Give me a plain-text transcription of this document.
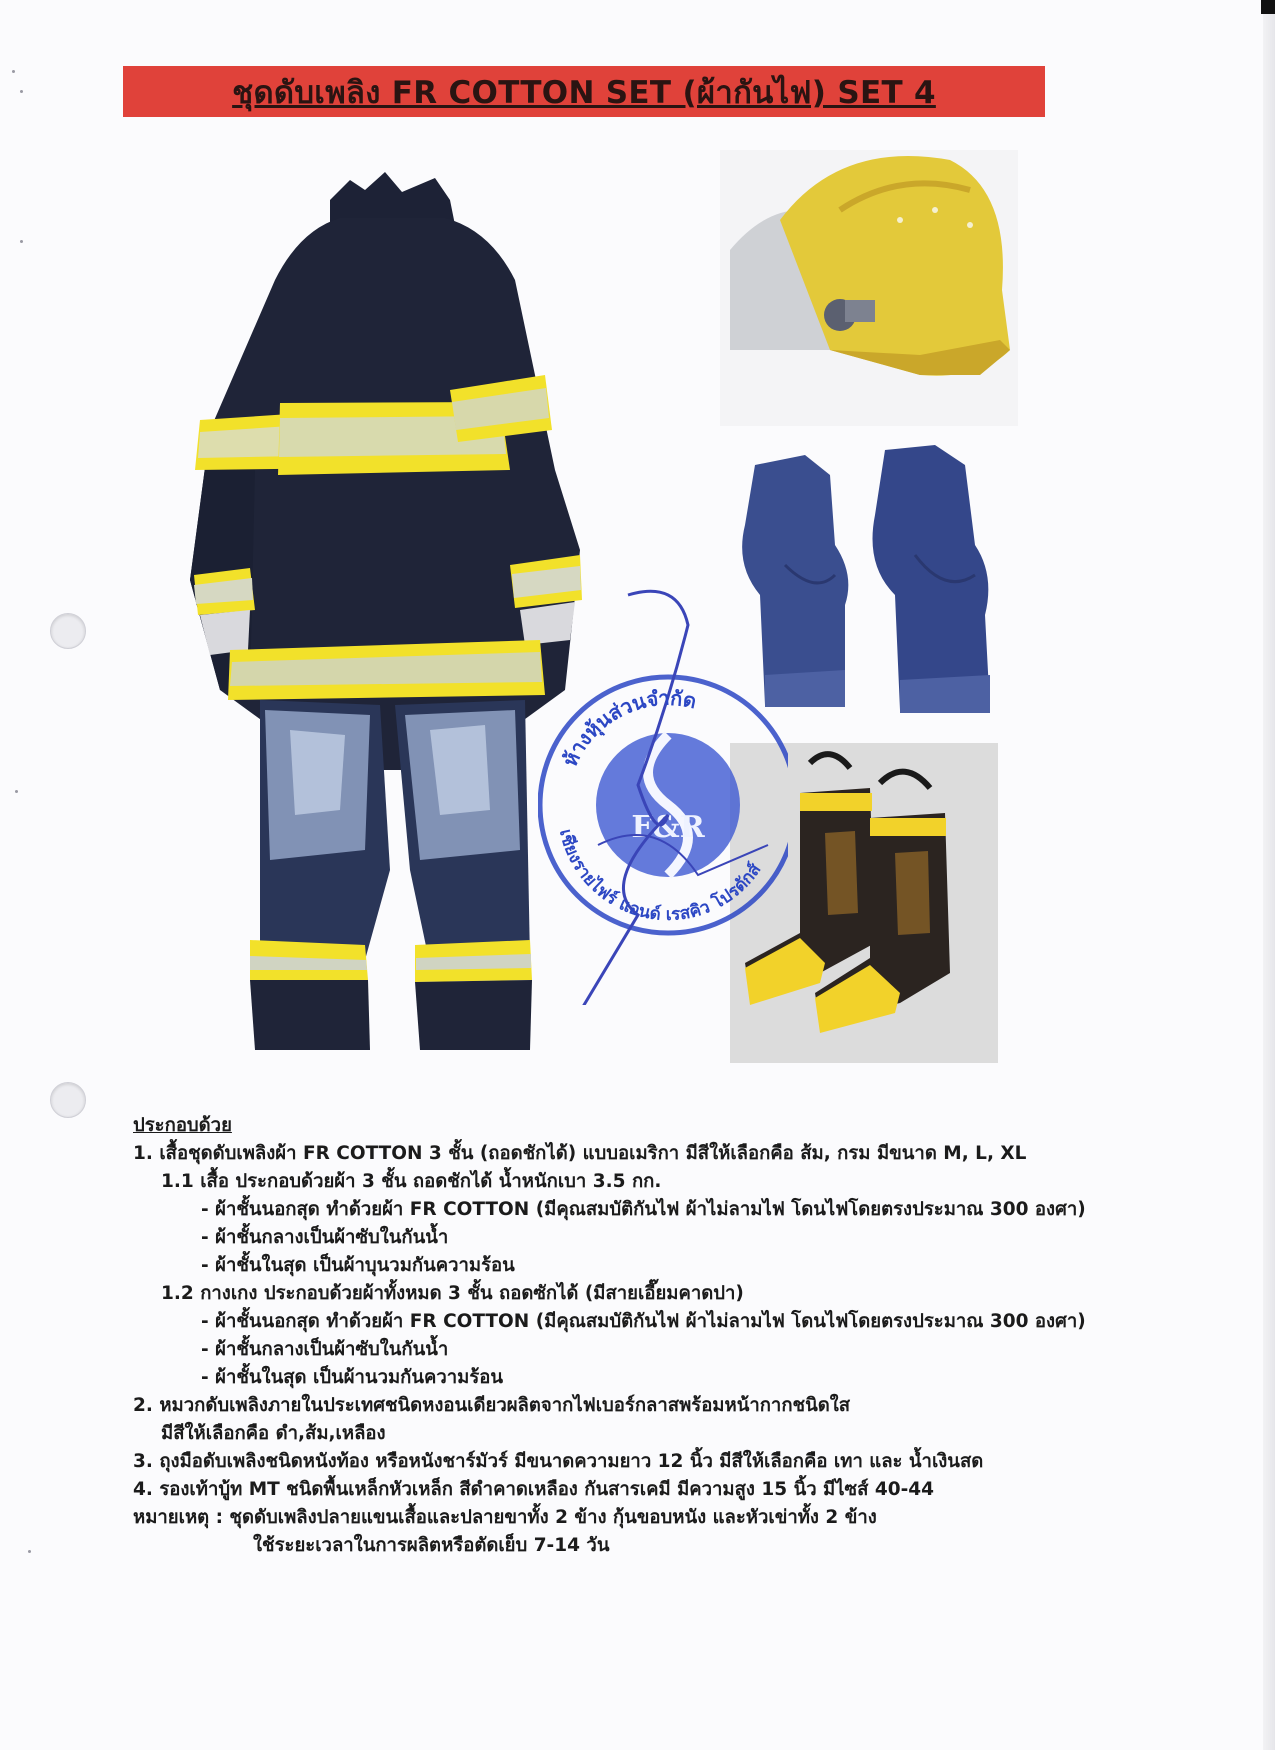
ชุดดับเพลิง FR COTTON SET (ผ้ากันไฟ) SET 4
F&R
ห้างหุ้นส่วนจำกัด
เชียงรายไฟร์ แอนด์ เรสคิว โปรดักส์
ประกอบด้วย
1. เสื้อชุดดับเพลิงผ้า FR COTTON 3 ชั้น (ถอดชักได้) แบบอเมริกา มีสีให้เลือกคือ ส้ม, กรม มีขนาด M, L, XL
1.1 เสื้อ ประกอบด้วยผ้า 3 ชั้น ถอดชักได้ น้ำหนักเบา 3.5 กก.
- ผ้าชั้นนอกสุด ทำด้วยผ้า FR COTTON (มีคุณสมบัติกันไฟ ผ้าไม่ลามไฟ โดนไฟโดยตรงประมาณ 300 องศา)
- ผ้าชั้นกลางเป็นผ้าซับในกันน้ำ
- ผ้าชั้นในสุด เป็นผ้าบุนวมกันความร้อน
1.2 กางเกง ประกอบด้วยผ้าทั้งหมด 3 ชั้น ถอดซักได้ (มีสายเอี๊ยมคาดปา)
- ผ้าชั้นนอกสุด ทำด้วยผ้า FR COTTON (มีคุณสมบัติกันไฟ ผ้าไม่ลามไฟ โดนไฟโดยตรงประมาณ 300 องศา)
- ผ้าชั้นกลางเป็นผ้าซับในกันน้ำ
- ผ้าชั้นในสุด เป็นผ้านวมกันความร้อน
2. หมวกดับเพลิงภายในประเทศชนิดหงอนเดียวผลิตจากไฟเบอร์กลาสพร้อมหน้ากากชนิดใส
มีสีให้เลือกคือ ดำ,ส้ม,เหลือง
3. ถุงมือดับเพลิงชนิดหนังท้อง หรือหนังชาร์มัวร์ มีขนาดความยาว 12 นิ้ว มีสีให้เลือกคือ เทา และ น้ำเงินสด
4. รองเท้าบู้ท MT ชนิดพื้นเหล็กหัวเหล็ก สีดำคาดเหลือง กันสารเคมี มีความสูง 15 นิ้ว มีไซส์ 40-44
หมายเหตุ : ชุดดับเพลิงปลายแขนเสื้อและปลายขาทั้ง 2 ข้าง กุ้นขอบหนัง และหัวเข่าทั้ง 2 ข้าง
ใช้ระยะเวลาในการผลิตหรือตัดเย็บ 7-14 วัน
